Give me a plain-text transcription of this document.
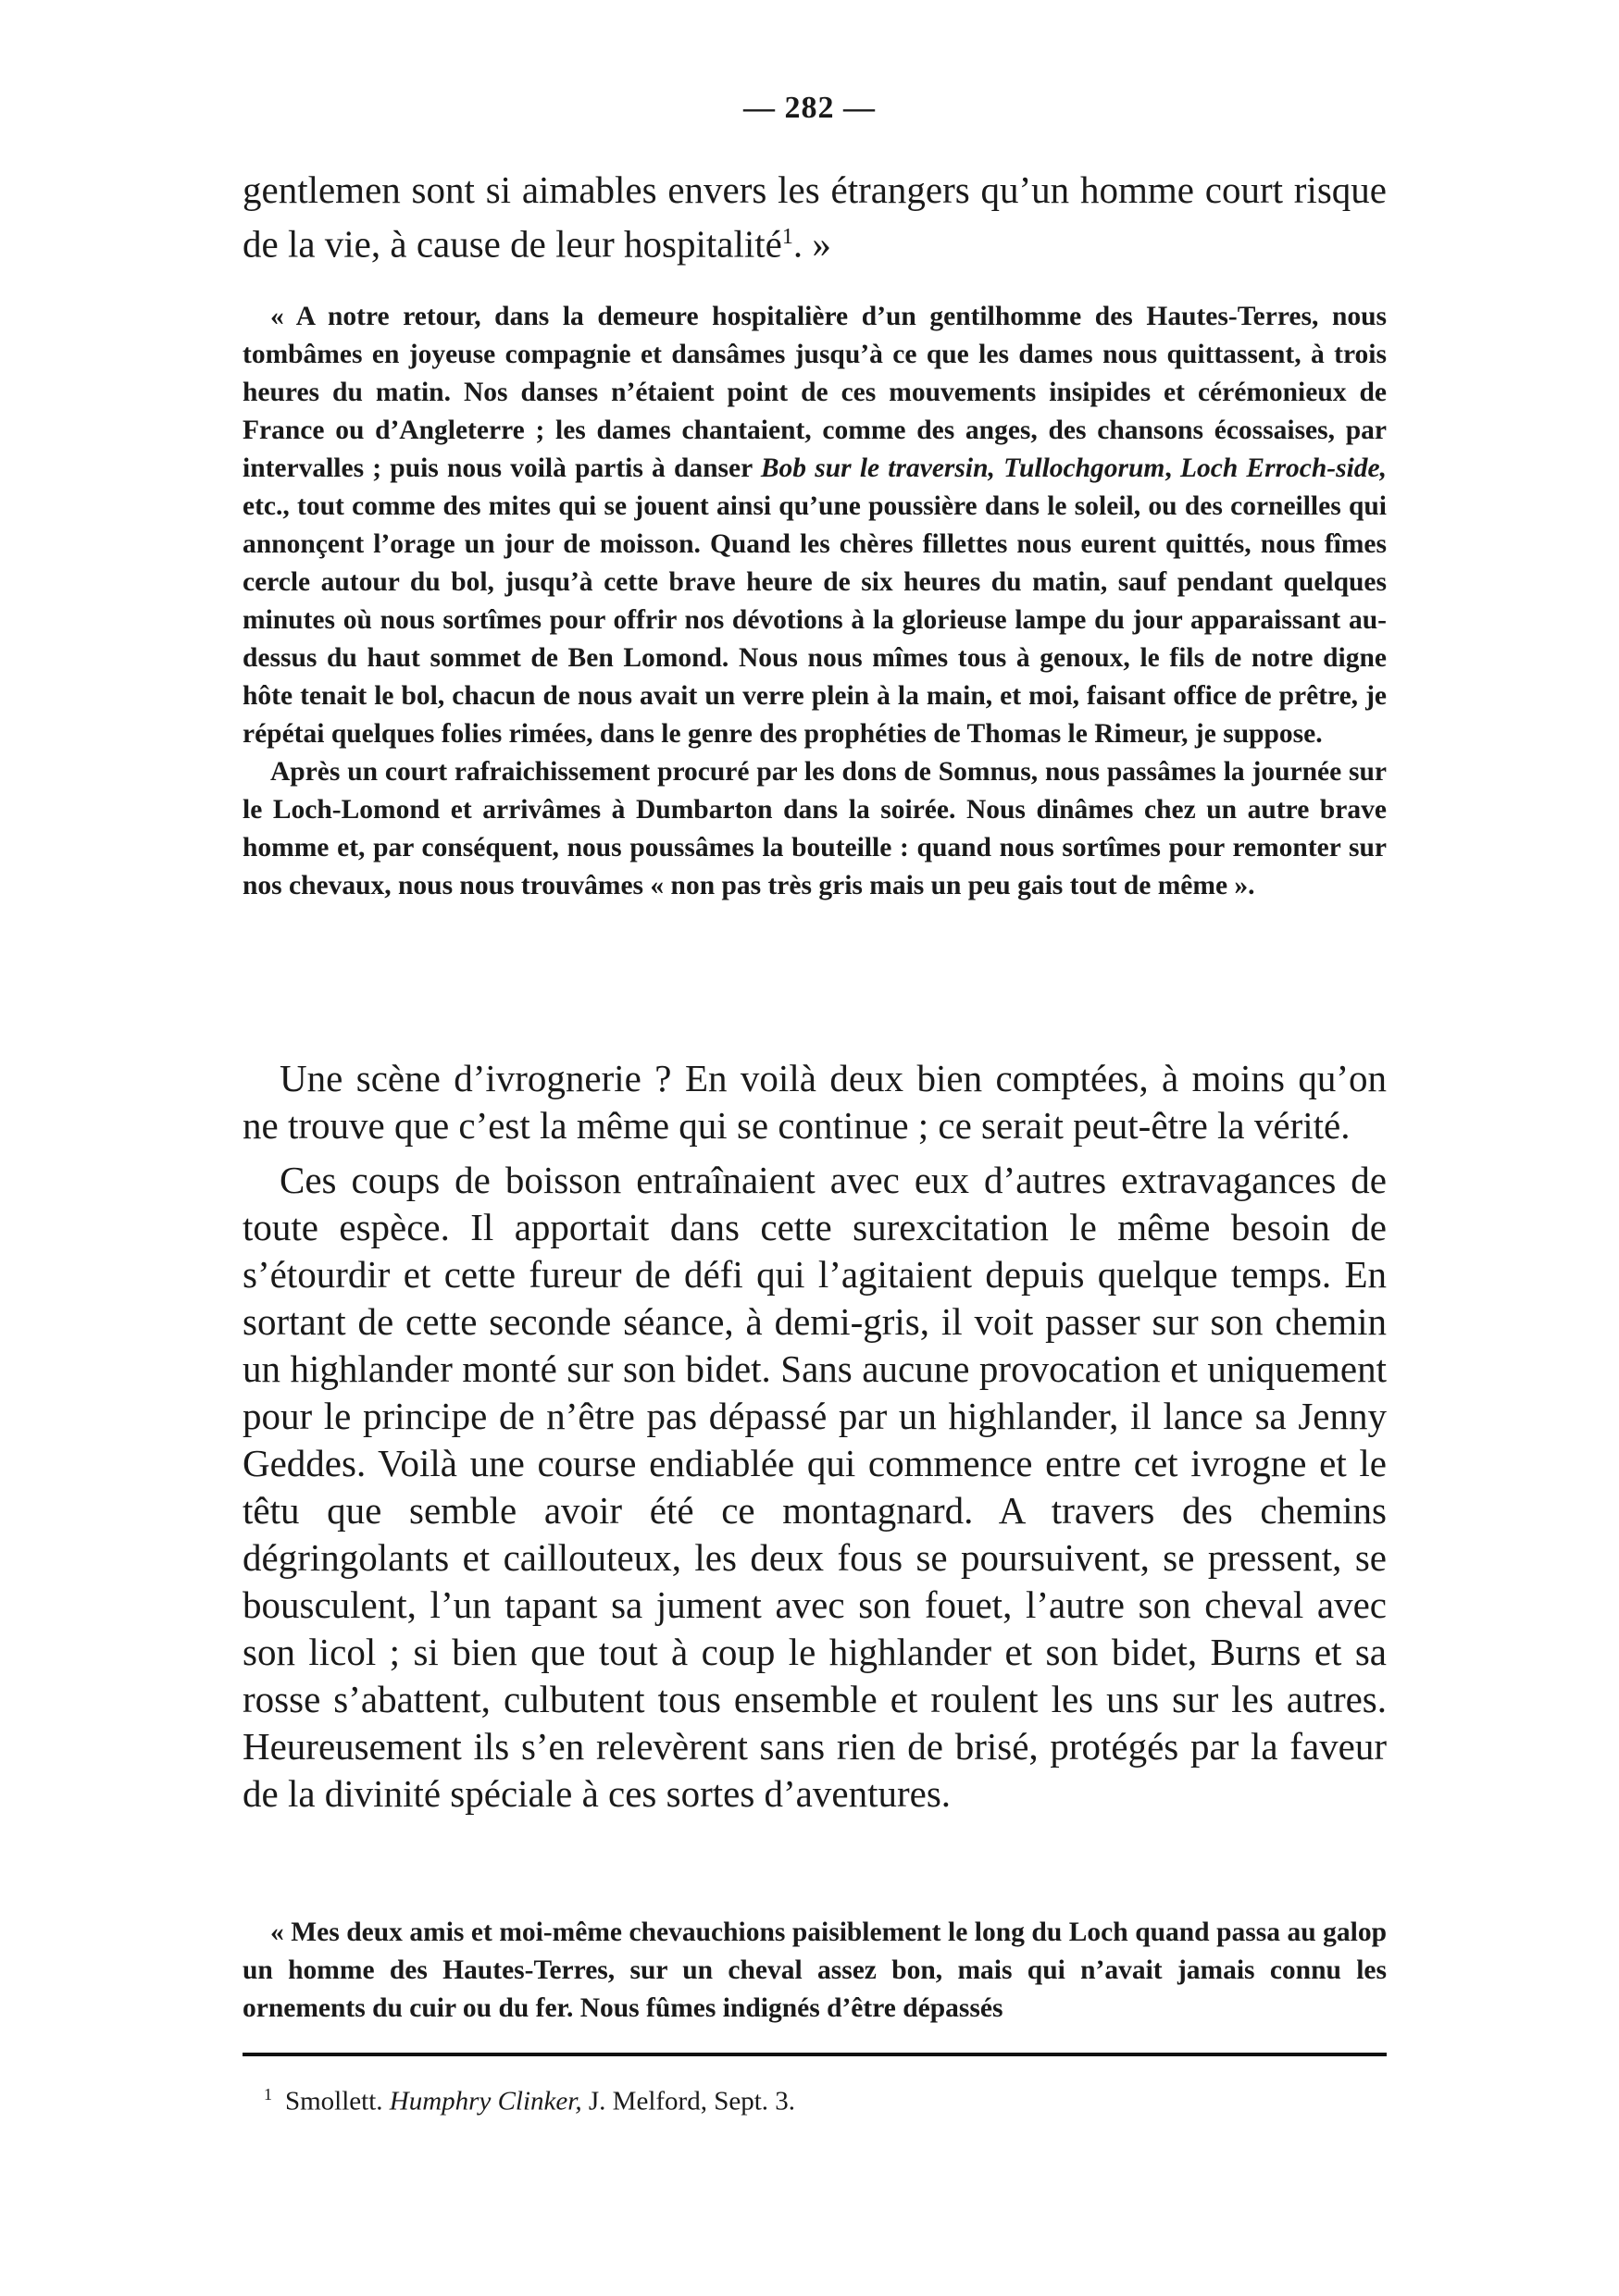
— 282 —

gentlemen sont si aimables envers les étrangers qu’un homme court risque de la vie, à cause de leur hospitalité$^1$. »

« A notre retour, dans la demeure hospitalière d’un gentilhomme des Hautes-Terres, nous tombâmes en joyeuse compagnie et dansâmes jusqu’à ce que les dames nous quittassent, à trois heures du matin. Nos danses n’étaient point de ces mouvements insipides et cérémonieux de France ou d’Angleterre ; les dames chantaient, comme des anges, des chansons écossaises, par intervalles ; puis nous voilà partis à danser Bob sur le traversin, Tullochgorum, Loch Erroch-side, etc., tout comme des mites qui se jouent ainsi qu’une poussière dans le soleil, ou des corneilles qui annonçent l’orage un jour de moisson. Quand les chères fillettes nous eurent quittés, nous fîmes cercle autour du bol, jusqu’à cette brave heure de six heures du matin, sauf pendant quelques minutes où nous sortîmes pour offrir nos dévotions à la glorieuse lampe du jour apparaissant au-dessus du haut sommet de Ben Lomond. Nous nous mîmes tous à genoux, le fils de notre digne hôte tenait le bol, chacun de nous avait un verre plein à la main, et moi, faisant office de prêtre, je répétai quelques folies rimées, dans le genre des prophéties de Thomas le Rimeur, je suppose.

Après un court rafraichissement procuré par les dons de Somnus, nous passâmes la journée sur le Loch-Lomond et arrivâmes à Dumbarton dans la soirée. Nous dinâmes chez un autre brave homme et, par conséquent, nous poussâmes la bouteille : quand nous sortîmes pour remonter sur nos chevaux, nous nous trouvâmes « non pas très gris mais un peu gais tout de même ».

Une scène d’ivrognerie ? En voilà deux bien comptées, à moins qu’on ne trouve que c’est la même qui se continue ; ce serait peut-être la vérité.

Ces coups de boisson entraînaient avec eux d’autres extravagances de toute espèce. Il apportait dans cette surexcitation le même besoin de s’étourdir et cette fureur de défi qui l’agitaient depuis quelque temps. En sortant de cette seconde séance, à demi-gris, il voit passer sur son chemin un highlander monté sur son bidet. Sans aucune provocation et uniquement pour le principe de n’être pas dépassé par un highlander, il lance sa Jenny Geddes. Voilà une course endiablée qui commence entre cet ivrogne et le têtu que semble avoir été ce montagnard. A travers des chemins dégringolants et caillouteux, les deux fous se poursuivent, se pressent, se bousculent, l’un tapant sa jument avec son fouet, l’autre son cheval avec son licol ; si bien que tout à coup le highlander et son bidet, Burns et sa rosse s’abattent, culbutent tous ensemble et roulent les uns sur les autres. Heureusement ils s’en relevèrent sans rien de brisé, protégés par la faveur de la divinité spéciale à ces sortes d’aventures.

« Mes deux amis et moi-même chevauchions paisiblement le long du Loch quand passa au galop un homme des Hautes-Terres, sur un cheval assez bon, mais qui n’avait jamais connu les ornements du cuir ou du fer. Nous fûmes indignés d’être dépassés

$^1$ Smollett. Humphry Clinker, J. Melford, Sept. 3.
